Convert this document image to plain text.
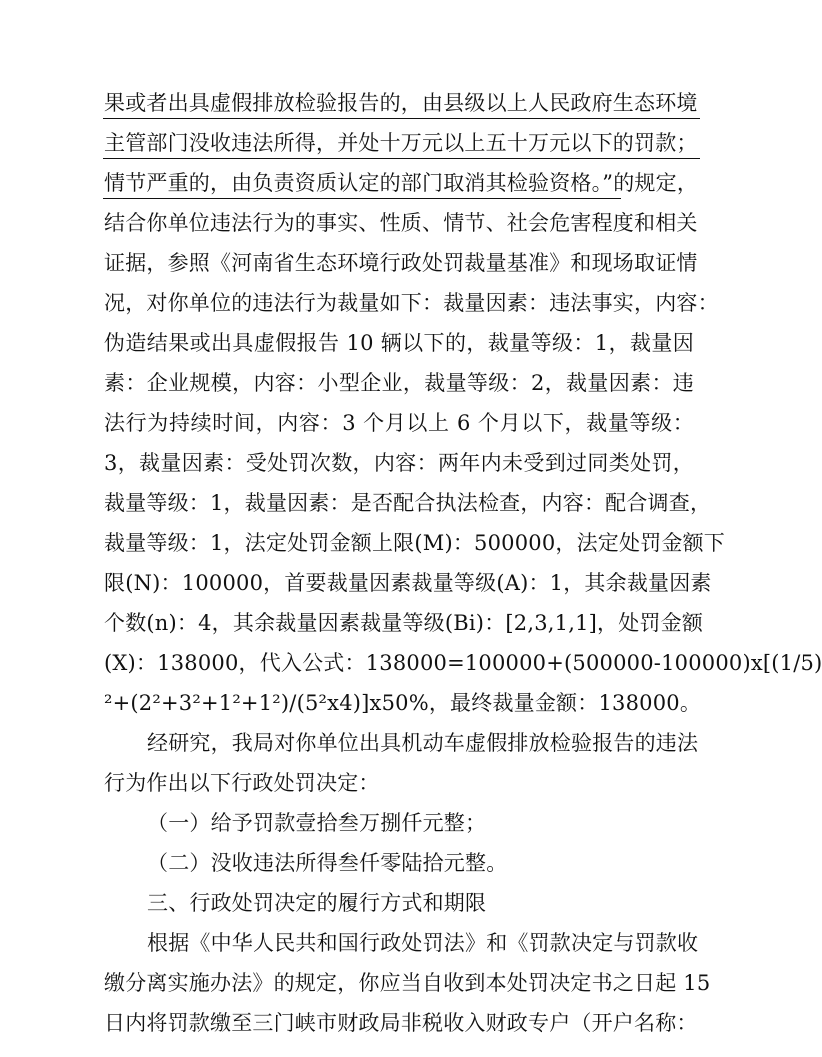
果或者出具虚假排放检验报告的，由县级以上人民政府生态环境
主管部门没收违法所得，并处十万元以上五十万元以下的罚款；
情节严重的，由负责资质认定的部门取消其检验资格。”的规定，
结合你单位违法行为的事实、性质、情节、社会危害程度和相关
证据，参照《河南省生态环境行政处罚裁量基准》和现场取证情
况，对你单位的违法行为裁量如下：裁量因素：违法事实，内容：
伪造结果或出具虚假报告 10 辆以下的，裁量等级：1，裁量因
素：企业规模，内容：小型企业，裁量等级：2，裁量因素：违
法行为持续时间，内容：3 个月以上 6 个月以下，裁量等级：
3，裁量因素：受处罚次数，内容：两年内未受到过同类处罚，
裁量等级：1，裁量因素：是否配合执法检查，内容：配合调查，
裁量等级：1，法定处罚金额上限(M)：500000，法定处罚金额下
限(N)：100000，首要裁量因素裁量等级(A)：1，其余裁量因素
个数(n)：4，其余裁量因素裁量等级(Bi)：[2,3,1,1]，处罚金额
(X)：138000，代入公式：138000=100000+(500000-100000)x[(1/5)
²+(2²+3²+1²+1²)/(5²x4)]x50%，最终裁量金额：138000。
经研究，我局对你单位出具机动车虚假排放检验报告的违法
行为作出以下行政处罚决定：
（一）给予罚款壹拾叁万捌仟元整；
（二）没收违法所得叁仟零陆拾元整。
三、行政处罚决定的履行方式和期限
根据《中华人民共和国行政处罚法》和《罚款决定与罚款收
缴分离实施办法》的规定，你应当自收到本处罚决定书之日起 15
日内将罚款缴至三门峡市财政局非税收入财政专户（开户名称：
